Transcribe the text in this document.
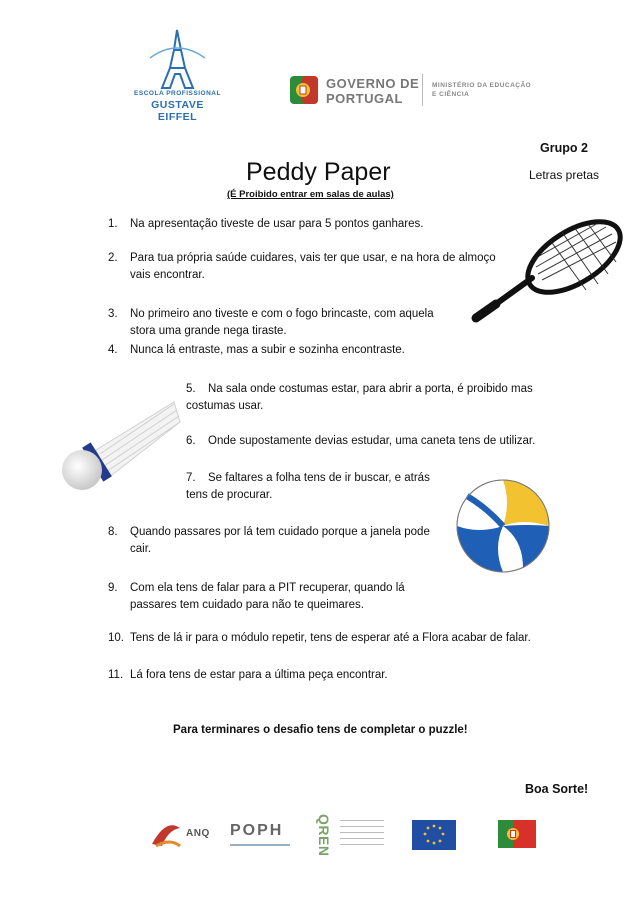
ESCOLA PROFISSIONAL
GUSTAVE EIFFEL
GOVERNO DE
PORTUGAL
MINISTÉRIO DA EDUCAÇÃO
E CIÊNCIA
Grupo 2
Letras pretas
Peddy Paper
(É Proibido entrar em salas de aulas)
1. Na apresentação tiveste de usar para 5 pontos ganhares.
2. Para tua própria saúde cuidares, vais ter que usar, e na hora de almoço
vais encontrar.
3. No primeiro ano tiveste e com o fogo brincaste, com aquela
stora uma grande nega tiraste.
4. Nunca lá entraste, mas a subir e sozinha encontraste.
5. Na sala onde costumas estar, para abrir a porta, é proibido mas
costumas usar.
6. Onde supostamente devias estudar, uma caneta tens de utilizar.
7. Se faltares a folha tens de ir buscar, e atrás
tens de procurar.
8. Quando passares por lá tem cuidado porque a janela pode
cair.
9. Com ela tens de falar para a PIT recuperar, quando lá
passares tem cuidado para não te queimares.
10. Tens de lá ir para o módulo repetir, tens de esperar até a Flora acabar de falar.
11. Lá fora tens de estar para a última peça encontrar.
Para terminares o desafio tens de completar o puzzle!
Boa Sorte!
ANQ POPH	QREN
